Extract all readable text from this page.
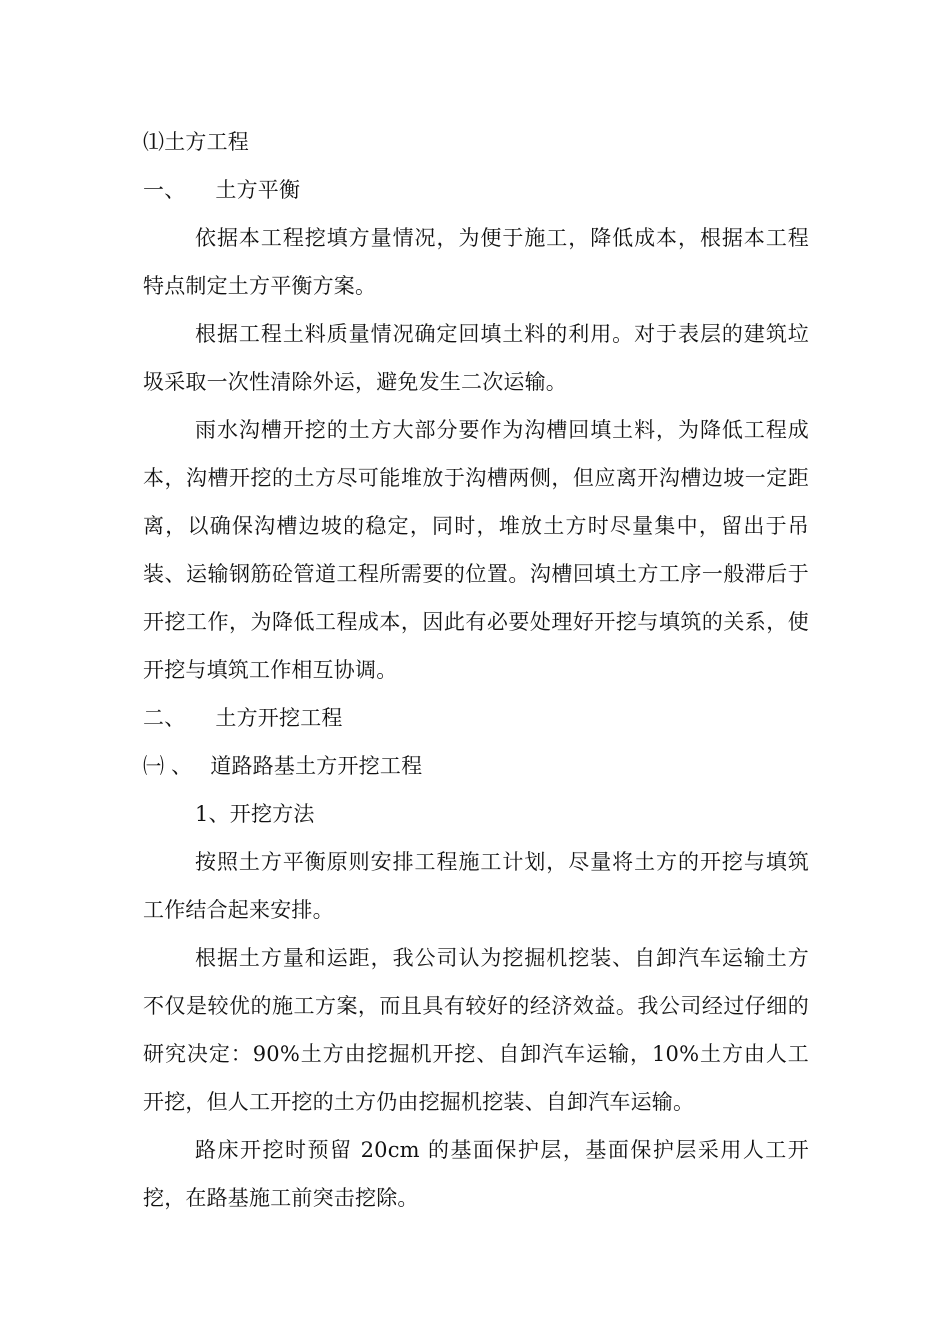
⑴土方工程
一、 土方平衡

依据本工程挖填方量情况，为便于施工，降低成本，根据本工程特点制定土方平衡方案。

根据工程土料质量情况确定回填土料的利用。对于表层的建筑垃圾采取一次性清除外运，避免发生二次运输。

雨水沟槽开挖的土方大部分要作为沟槽回填土料，为降低工程成本，沟槽开挖的土方尽可能堆放于沟槽两侧，但应离开沟槽边坡一定距离，以确保沟槽边坡的稳定，同时，堆放土方时尽量集中，留出于吊装、运输钢筋砼管道工程所需要的位置。沟槽回填土方工序一般滞后于开挖工作，为降低工程成本，因此有必要处理好开挖与填筑的关系，使开挖与填筑工作相互协调。

二、 土方开挖工程
㈠ 、 道路路基土方开挖工程
1、开挖方法

按照土方平衡原则安排工程施工计划，尽量将土方的开挖与填筑工作结合起来安排。

根据土方量和运距，我公司认为挖掘机挖装、自卸汽车运输土方不仅是较优的施工方案，而且具有较好的经济效益。我公司经过仔细的研究决定：90%土方由挖掘机开挖、自卸汽车运输，10%土方由人工开挖，但人工开挖的土方仍由挖掘机挖装、自卸汽车运输。

路床开挖时预留 20cm 的基面保护层，基面保护层采用人工开挖，在路基施工前突击挖除。
